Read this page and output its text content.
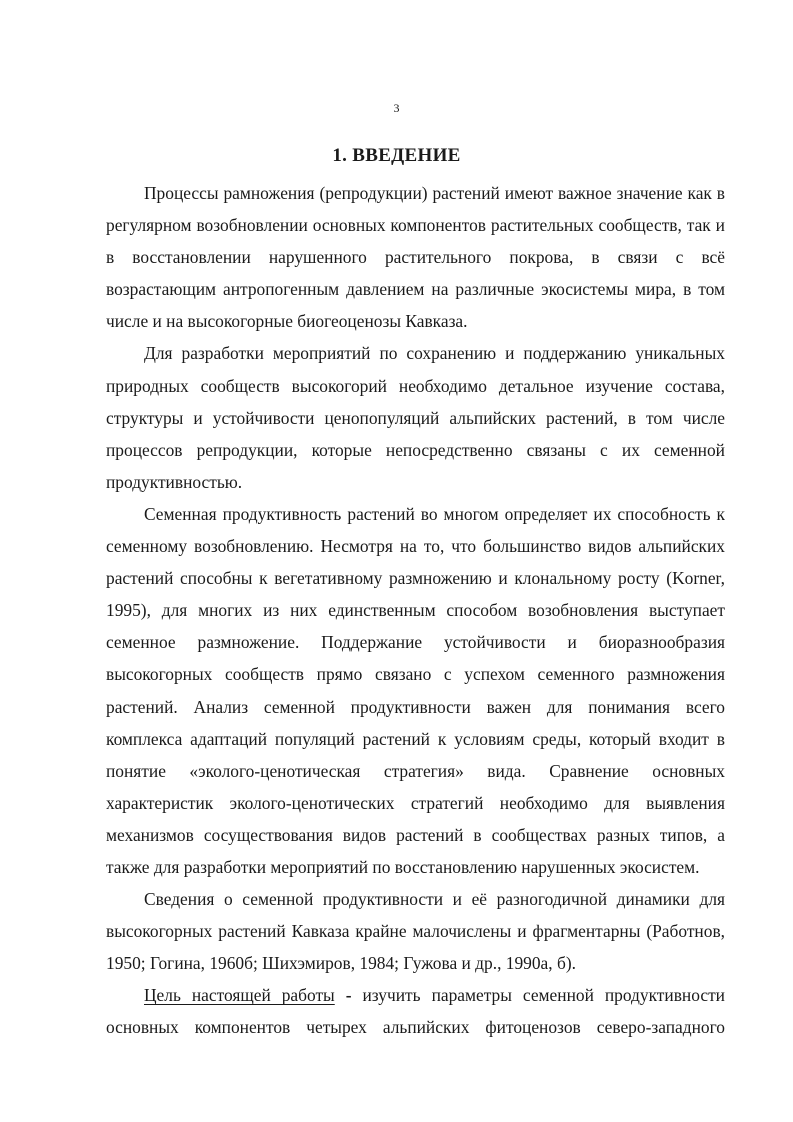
3
1. ВВЕДЕНИЕ

Процессы рамножения (репродукции) растений имеют важное значение как в регулярном возобновлении основных компонентов растительных сообществ, так и в восстановлении нарушенного растительного покрова, в связи с всё возрастающим антропогенным давлением на различные экосистемы мира, в том числе и на высокогорные биогеоценозы Кавказа.

Для разработки мероприятий по сохранению и поддержанию уникальных природных сообществ высокогорий необходимо детальное изучение состава, структуры и устойчивости ценопопуляций альпийских растений, в том числе процессов репродукции, которые непосредственно связаны с их семенной продуктивностью.

Семенная продуктивность растений во многом определяет их способность к семенному возобновлению. Несмотря на то, что большинство видов альпийских растений способны к вегетативному размножению и клональному росту (Korner, 1995), для многих из них единственным способом возобновления выступает семенное размножение. Поддержание устойчивости и биоразнообразия высокогорных сообществ прямо связано с успехом семенного размножения растений. Анализ семенной продуктивности важен для понимания всего комплекса адаптаций популяций растений к условиям среды, который входит в понятие «эколого-ценотическая стратегия» вида. Сравнение основных характеристик эколого-ценотических стратегий необходимо для выявления механизмов сосуществования видов растений в сообществах разных типов, а также для разработки мероприятий по восстановлению нарушенных экосистем.

Сведения о семенной продуктивности и её разногодичной динамики для высокогорных растений Кавказа крайне малочислены и фрагментарны (Работнов, 1950; Гогина, 1960б; Шихэмиров, 1984; Гужова и др., 1990а, б).

Цель настоящей работы - изучить параметры семенной продуктивности основных компонентов четырех альпийских фитоценозов северо-западного
